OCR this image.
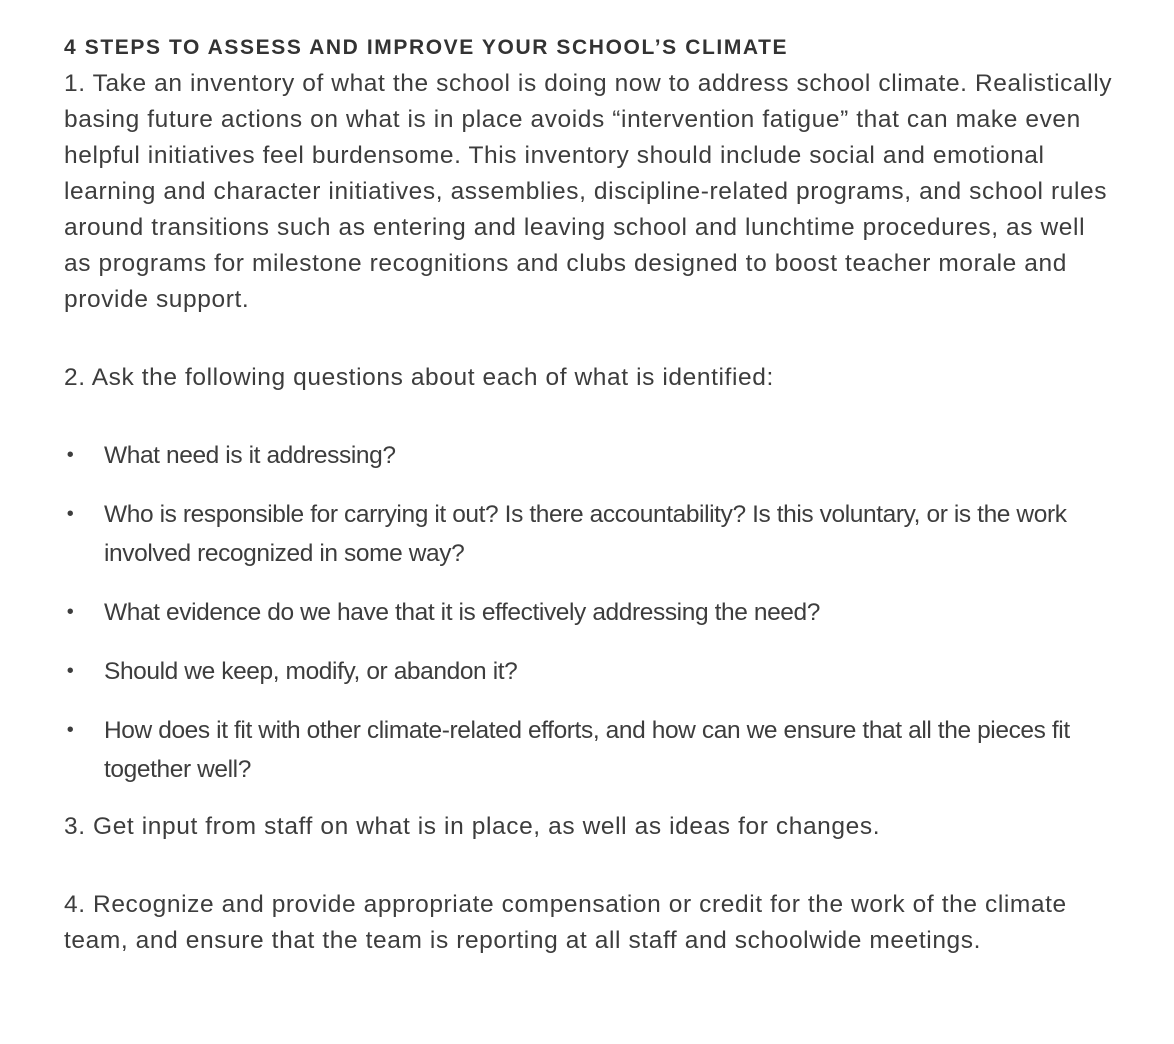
4 STEPS TO ASSESS AND IMPROVE YOUR SCHOOL’S CLIMATE

1. Take an inventory of what the school is doing now to address school climate. Realistically basing future actions on what is in place avoids “intervention fatigue” that can make even helpful initiatives feel burdensome. This inventory should include social and emotional learning and character initiatives, assemblies, discipline-related programs, and school rules around transitions such as entering and leaving school and lunchtime procedures, as well as programs for milestone recognitions and clubs designed to boost teacher morale and provide support.

2. Ask the following questions about each of what is identified:

• What need is it addressing?
• Who is responsible for carrying it out? Is there accountability? Is this voluntary, or is the work involved recognized in some way?
• What evidence do we have that it is effectively addressing the need?
• Should we keep, modify, or abandon it?
• How does it fit with other climate-related efforts, and how can we ensure that all the pieces fit together well?

3. Get input from staff on what is in place, as well as ideas for changes.

4. Recognize and provide appropriate compensation or credit for the work of the climate team, and ensure that the team is reporting at all staff and schoolwide meetings.
